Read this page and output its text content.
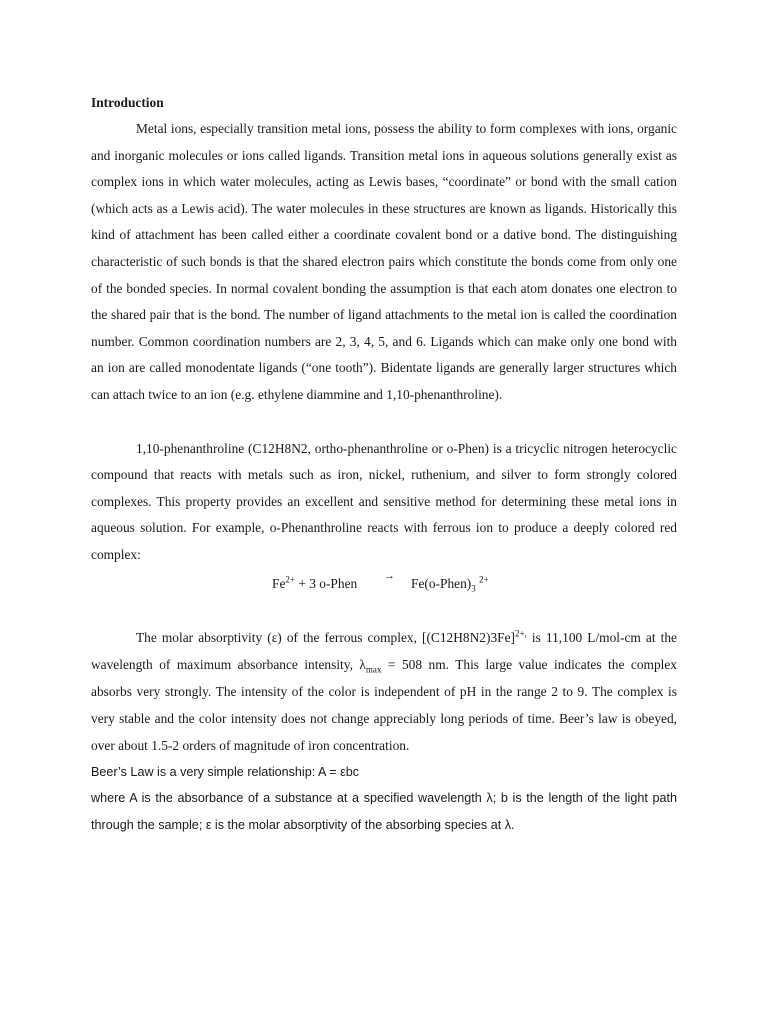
Introduction

Metal ions, especially transition metal ions, possess the ability to form complexes with ions, organic and inorganic molecules or ions called ligands. Transition metal ions in aqueous solutions generally exist as complex ions in which water molecules, acting as Lewis bases, “coordinate” or bond with the small cation (which acts as a Lewis acid). The water molecules in these structures are known as ligands. Historically this kind of attachment has been called either a coordinate covalent bond or a dative bond. The distinguishing characteristic of such bonds is that the shared electron pairs which constitute the bonds come from only one of the bonded species. In normal covalent bonding the assumption is that each atom donates one electron to the shared pair that is the bond. The number of ligand attachments to the metal ion is called the coordination number. Common coordination numbers are 2, 3, 4, 5, and 6. Ligands which can make only one bond with an ion are called monodentate ligands (“one tooth”). Bidentate ligands are generally larger structures which can attach twice to an ion (e.g. ethylene diammine and 1,10-phenanthroline).

1,10-phenanthroline (C12H8N2, ortho-phenanthroline or o-Phen) is a tricyclic nitrogen heterocyclic compound that reacts with metals such as iron, nickel, ruthenium, and silver to form strongly colored complexes. This property provides an excellent and sensitive method for determining these metal ions in aqueous solution. For example, o-Phenanthroline reacts with ferrous ion to produce a deeply colored red complex:

$Fe^{2+} + 3$ o-Phen → $Fe(o-Phen)_3$ $^{2+}$

The molar absorptivity (ε) of the ferrous complex, $[(C12H8N2)3Fe]^{2+,}$ is 11,100 L/mol-cm at the wavelength of maximum absorbance intensity, $\lambda_{max} = 508$ nm. This large value indicates the complex absorbs very strongly. The intensity of the color is independent of pH in the range 2 to 9. The complex is very stable and the color intensity does not change appreciably long periods of time. Beer’s law is obeyed, over about 1.5-2 orders of magnitude of iron concentration.

Beer’s Law is a very simple relationship: A = εbc

where A is the absorbance of a substance at a specified wavelength λ; b is the length of the light path through the sample; ε is the molar absorptivity of the absorbing species at λ.
